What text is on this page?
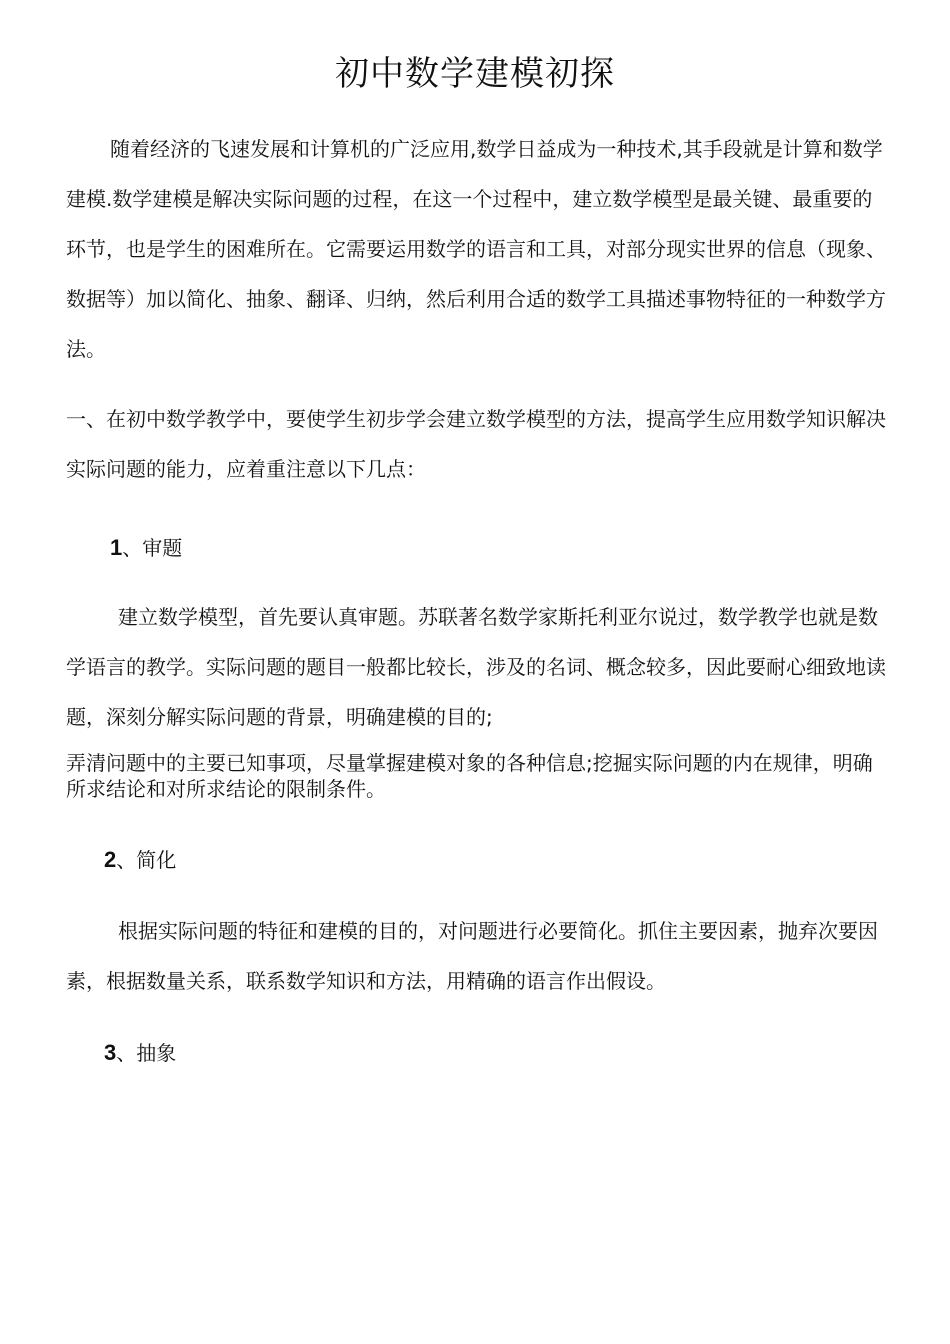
初中数学建模初探

随着经济的飞速发展和计算机的广泛应用,数学日益成为一种技术,其手段就是计算和数学建模.数学建模是解决实际问题的过程，在这一个过程中，建立数学模型是最关键、最重要的环节，也是学生的困难所在。它需要运用数学的语言和工具，对部分现实世界的信息（现象、数据等）加以简化、抽象、翻译、归纳，然后利用合适的数学工具描述事物特征的一种数学方法。

一、在初中数学教学中，要使学生初步学会建立数学模型的方法，提高学生应用数学知识解决实际问题的能力，应着重注意以下几点：

1、审题

建立数学模型，首先要认真审题。苏联著名数学家斯托利亚尔说过，数学教学也就是数学语言的教学。实际问题的题目一般都比较长，涉及的名词、概念较多，因此要耐心细致地读题，深刻分解实际问题的背景，明确建模的目的;

弄清问题中的主要已知事项，尽量掌握建模对象的各种信息;挖掘实际问题的内在规律，明确所求结论和对所求结论的限制条件。

2、简化

根据实际问题的特征和建模的目的，对问题进行必要简化。抓住主要因素，抛弃次要因素，根据数量关系，联系数学知识和方法，用精确的语言作出假设。

3、抽象
